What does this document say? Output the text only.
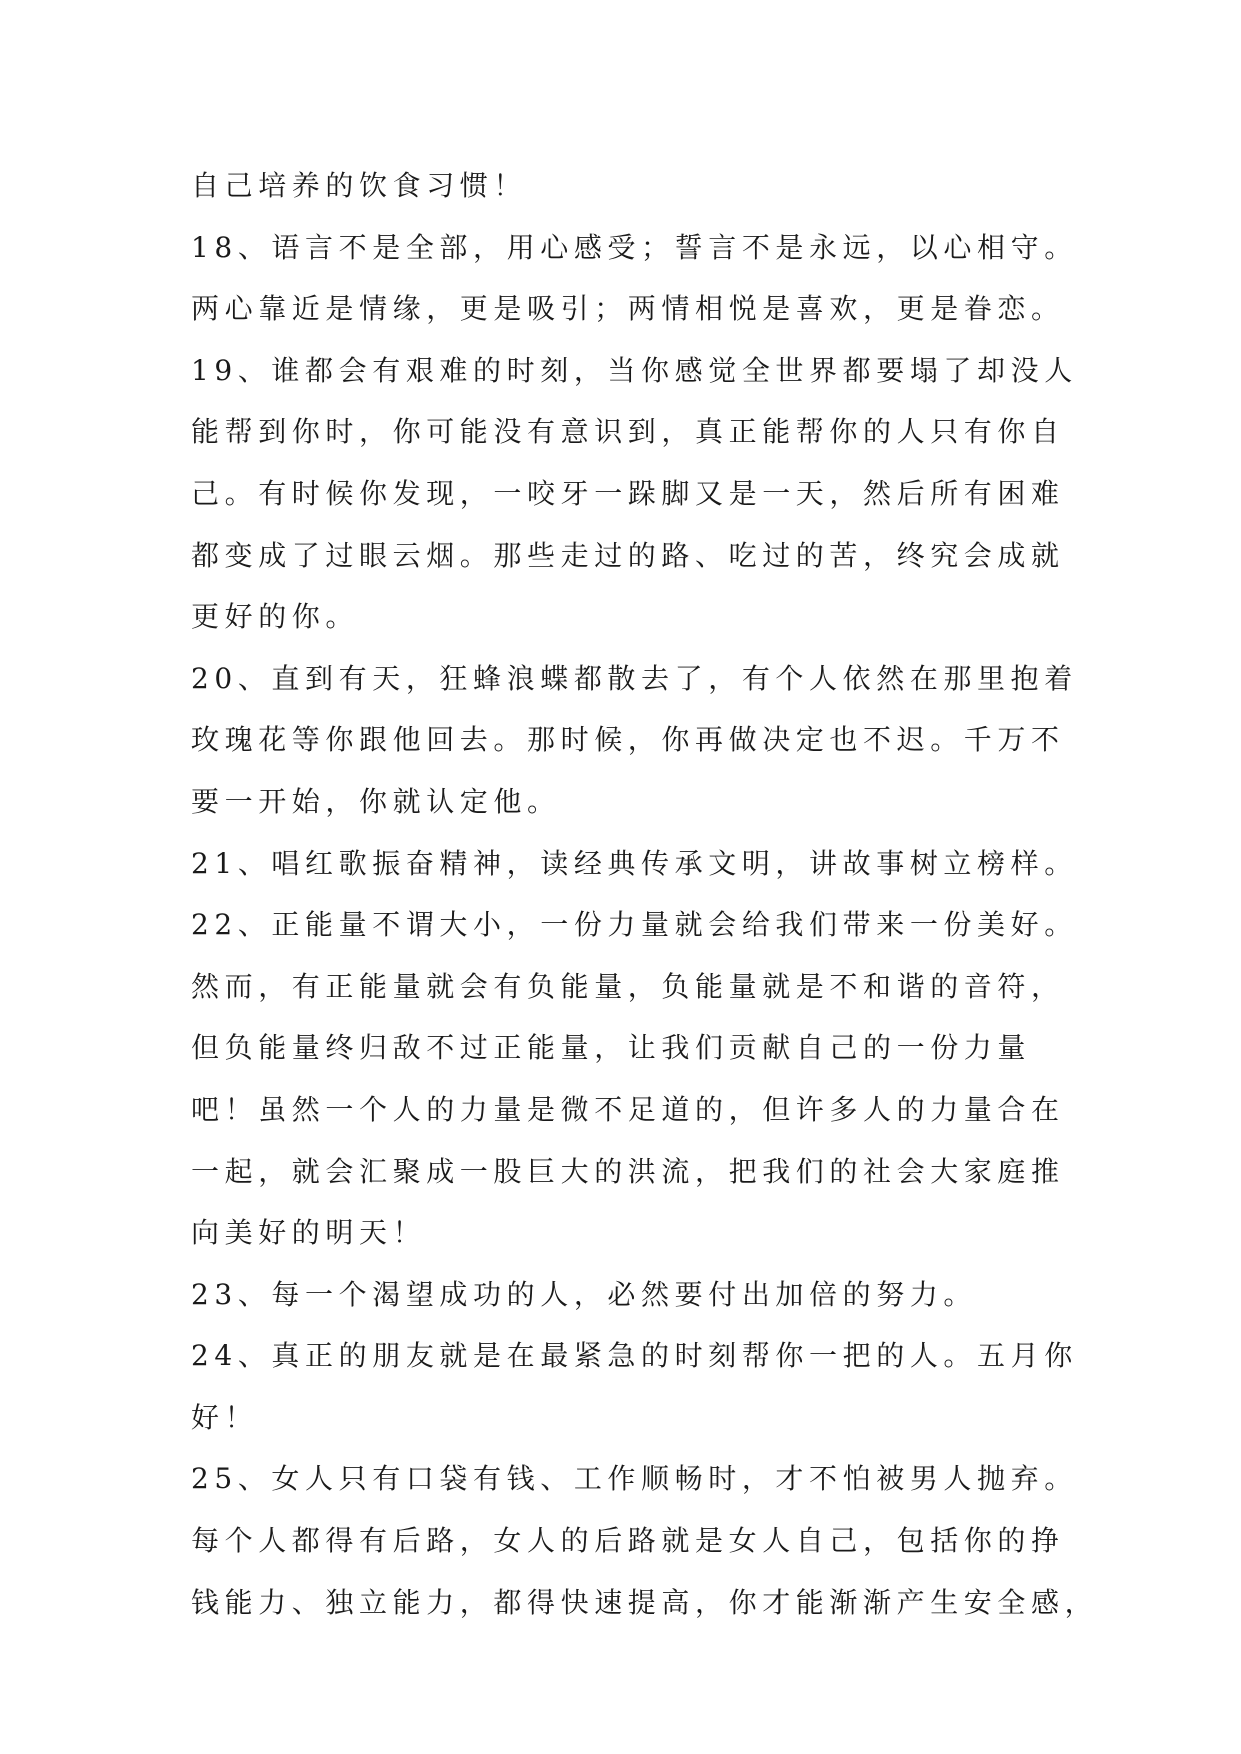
自己培养的饮食习惯！
18、语言不是全部，用心感受；誓言不是永远，以心相守。
两心靠近是情缘，更是吸引；两情相悦是喜欢，更是眷恋。
19、谁都会有艰难的时刻，当你感觉全世界都要塌了却没人
能帮到你时，你可能没有意识到，真正能帮你的人只有你自
己。有时候你发现，一咬牙一跺脚又是一天，然后所有困难
都变成了过眼云烟。那些走过的路、吃过的苦，终究会成就
更好的你。
20、直到有天，狂蜂浪蝶都散去了，有个人依然在那里抱着
玫瑰花等你跟他回去。那时候，你再做决定也不迟。千万不
要一开始，你就认定他。
21、唱红歌振奋精神，读经典传承文明，讲故事树立榜样。
22、正能量不谓大小，一份力量就会给我们带来一份美好。
然而，有正能量就会有负能量，负能量就是不和谐的音符，
但负能量终归敌不过正能量，让我们贡献自己的一份力量
吧！虽然一个人的力量是微不足道的，但许多人的力量合在
一起，就会汇聚成一股巨大的洪流，把我们的社会大家庭推
向美好的明天！
23、每一个渴望成功的人，必然要付出加倍的努力。
24、真正的朋友就是在最紧急的时刻帮你一把的人。五月你
好！
25、女人只有口袋有钱、工作顺畅时，才不怕被男人抛弃。
每个人都得有后路，女人的后路就是女人自己，包括你的挣
钱能力、独立能力，都得快速提高，你才能渐渐产生安全感，
